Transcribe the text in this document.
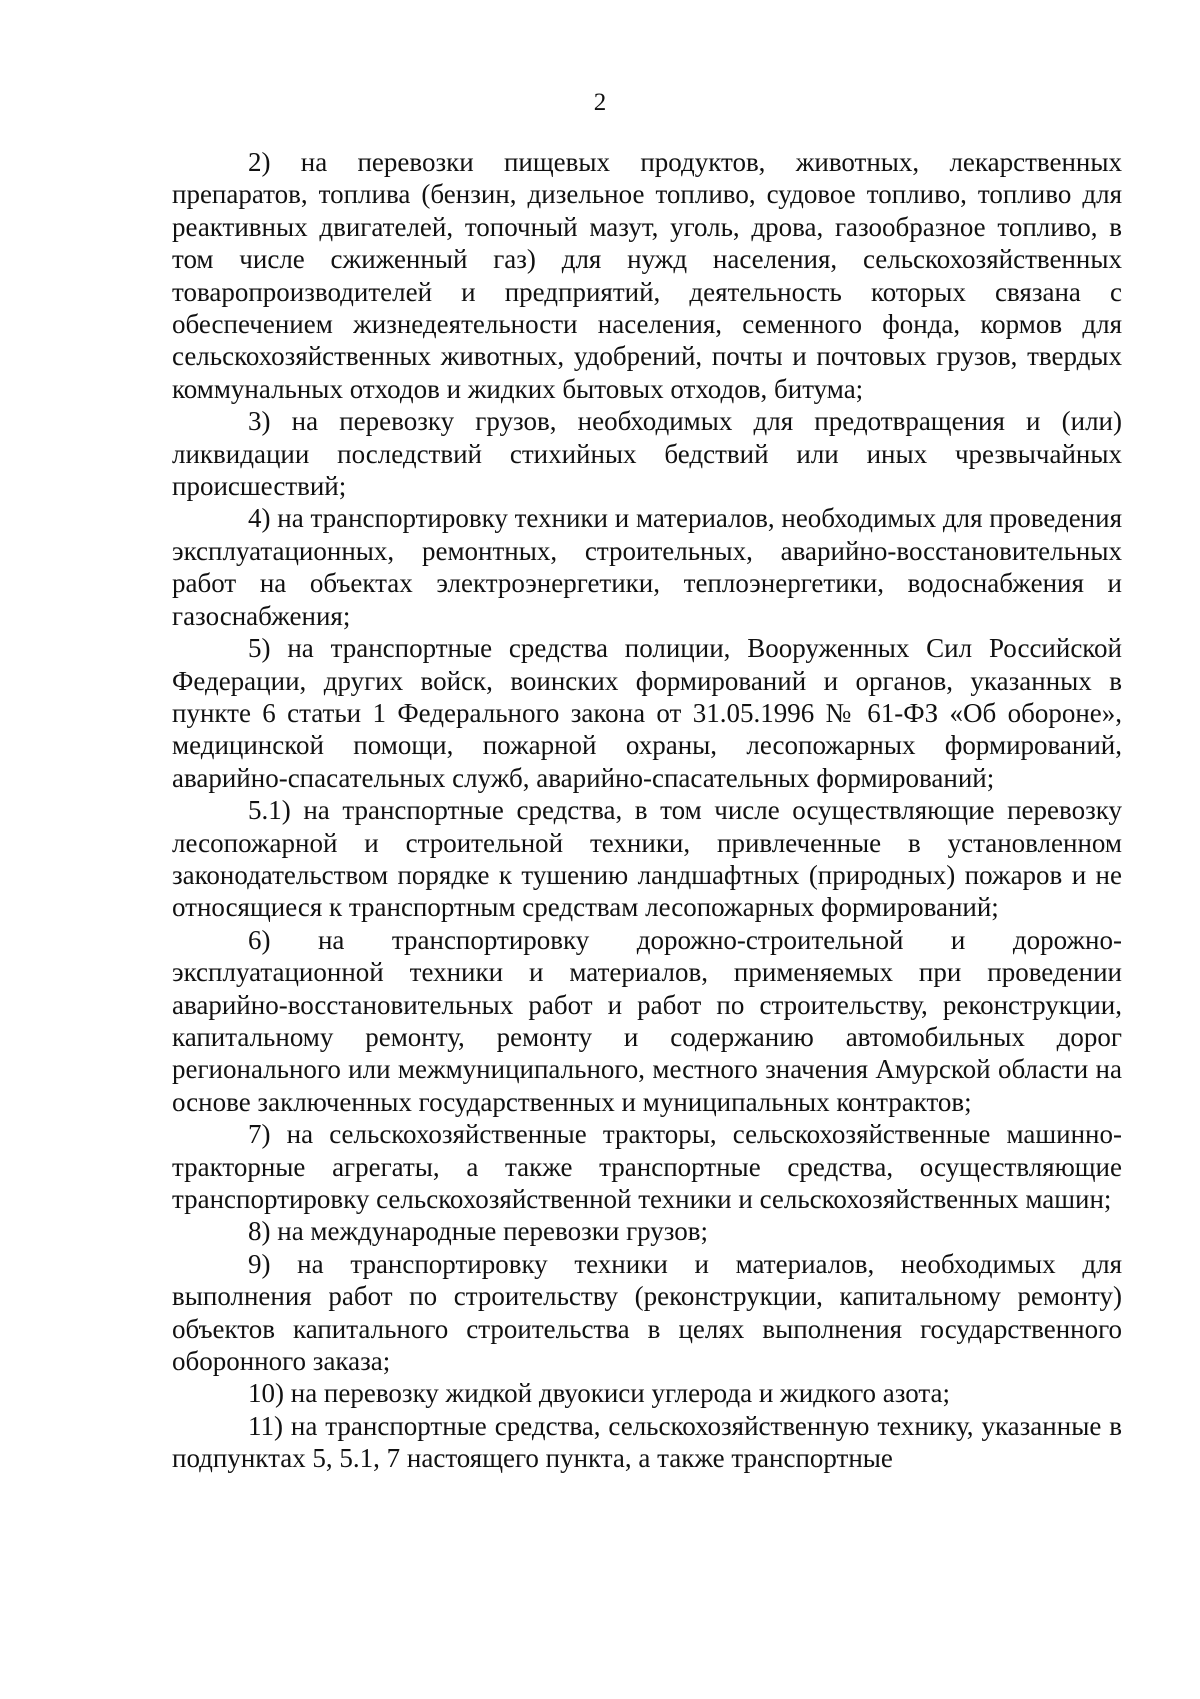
2

2) на перевозки пищевых продуктов, животных, лекарственных препаратов, топлива (бензин, дизельное топливо, судовое топливо, топливо для реактивных двигателей, топочный мазут, уголь, дрова, газообразное топливо, в том числе сжиженный газ) для нужд населения, сельскохозяйственных товаропроизводителей и предприятий, деятельность которых связана с обеспечением жизнедеятельности населения, семенного фонда, кормов для сельскохозяйственных животных, удобрений, почты и почтовых грузов, твердых коммунальных отходов и жидких бытовых отходов, битума;

3) на перевозку грузов, необходимых для предотвращения и (или) ликвидации последствий стихийных бедствий или иных чрезвычайных происшествий;

4) на транспортировку техники и материалов, необходимых для проведения эксплуатационных, ремонтных, строительных, аварийно-восстановительных работ на объектах электроэнергетики, теплоэнергетики, водоснабжения и газоснабжения;

5) на транспортные средства полиции, Вооруженных Сил Российской Федерации, других войск, воинских формирований и органов, указанных в пункте 6 статьи 1 Федерального закона от 31.05.1996 № 61-ФЗ «Об обороне», медицинской помощи, пожарной охраны, лесопожарных формирований, аварийно-спасательных служб, аварийно-спасательных формирований;

5.1) на транспортные средства, в том числе осуществляющие перевозку лесопожарной и строительной техники, привлеченные в установленном законодательством порядке к тушению ландшафтных (природных) пожаров и не относящиеся к транспортным средствам лесопожарных формирований;

6) на транспортировку дорожно-строительной и дорожно-эксплуатационной техники и материалов, применяемых при проведении аварийно-восстановительных работ и работ по строительству, реконструкции, капитальному ремонту, ремонту и содержанию автомобильных дорог регионального или межмуниципального, местного значения Амурской области на основе заключенных государственных и муниципальных контрактов;

7) на сельскохозяйственные тракторы, сельскохозяйственные машинно-тракторные агрегаты, а также транспортные средства, осуществляющие транспортировку сельскохозяйственной техники и сельскохозяйственных машин;

8) на международные перевозки грузов;

9) на транспортировку техники и материалов, необходимых для выполнения работ по строительству (реконструкции, капитальному ремонту) объектов капитального строительства в целях выполнения государственного оборонного заказа;

10) на перевозку жидкой двуокиси углерода и жидкого азота;

11) на транспортные средства, сельскохозяйственную технику, указанные в подпунктах 5, 5.1, 7 настоящего пункта, а также транспортные
